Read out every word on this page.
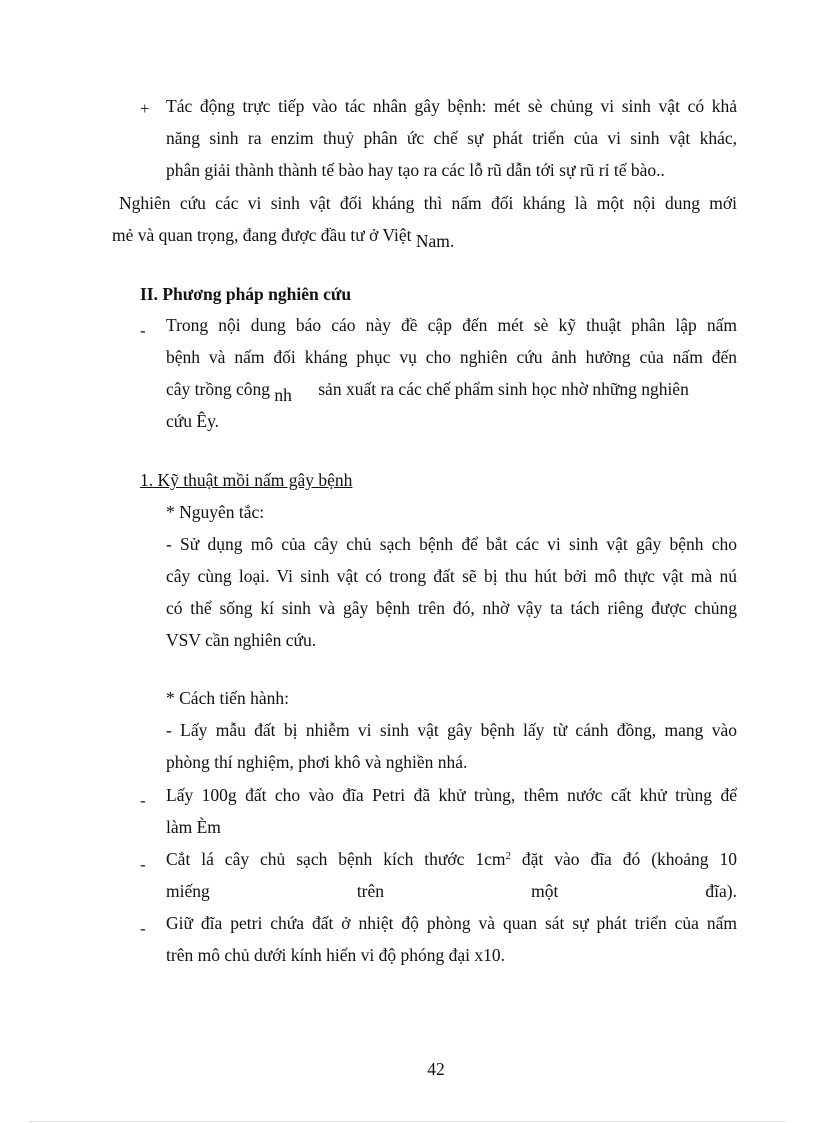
+ Tác động trực tiếp vào tác nhân gây bệnh: mét sè chủng vi sinh vật có khả
năng sinh ra enzim thuỷ phân ức chế sự phát triển của vi sinh vật khác,
phân giải thành thành tế bào hay tạo ra các lỗ rũ dẫn tới sự rũ rỉ tế bào..
Nghiên cứu các vi sinh vật đối kháng thì nấm đối kháng là một nội dung mới
mẻ và quan trọng, đang được đầu tư ở Việt Nam.
II. Phương pháp nghiên cứu
- Trong nội dung báo cáo này đề cập đến mét sè kỹ thuật phân lập nấm
bệnh và nấm đối kháng phục vụ cho nghiên cứu ảnh hưởng của nấm đến
cây trồng công nh sản xuất ra các chế phẩm sinh học nhờ những nghiên
cứu Êy.
1. Kỹ thuật mồi nấm gây bệnh
* Nguyên tắc:
- Sử dụng mô của cây chủ sạch bệnh để bắt các vi sinh vật gây bệnh cho
cây cùng loại. Vi sinh vật có trong đất sẽ bị thu hút bởi mô thực vật mà nú
có thể sống kí sinh và gây bệnh trên đó, nhờ vậy ta tách riêng được chủng
VSV cần nghiên cứu.
* Cách tiến hành:
- Lấy mẫu đất bị nhiễm vi sinh vật gây bệnh lấy từ cánh đồng, mang vào
phòng thí nghiệm, phơi khô và nghiền nhá.
- Lấy 100g đất cho vào đĩa Petri đã khử trùng, thêm nước cất khử trùng để
làm Èm
- Cắt lá cây chủ sạch bệnh kích thước $1cm^2$ đặt vào đĩa đó (khoảng 10
miếng trên một đĩa).
- Giữ đĩa petri chứa đất ở nhiệt độ phòng và quan sát sự phát triển của nấm
trên mô chủ dưới kính hiển vi độ phóng đại x10.
42
